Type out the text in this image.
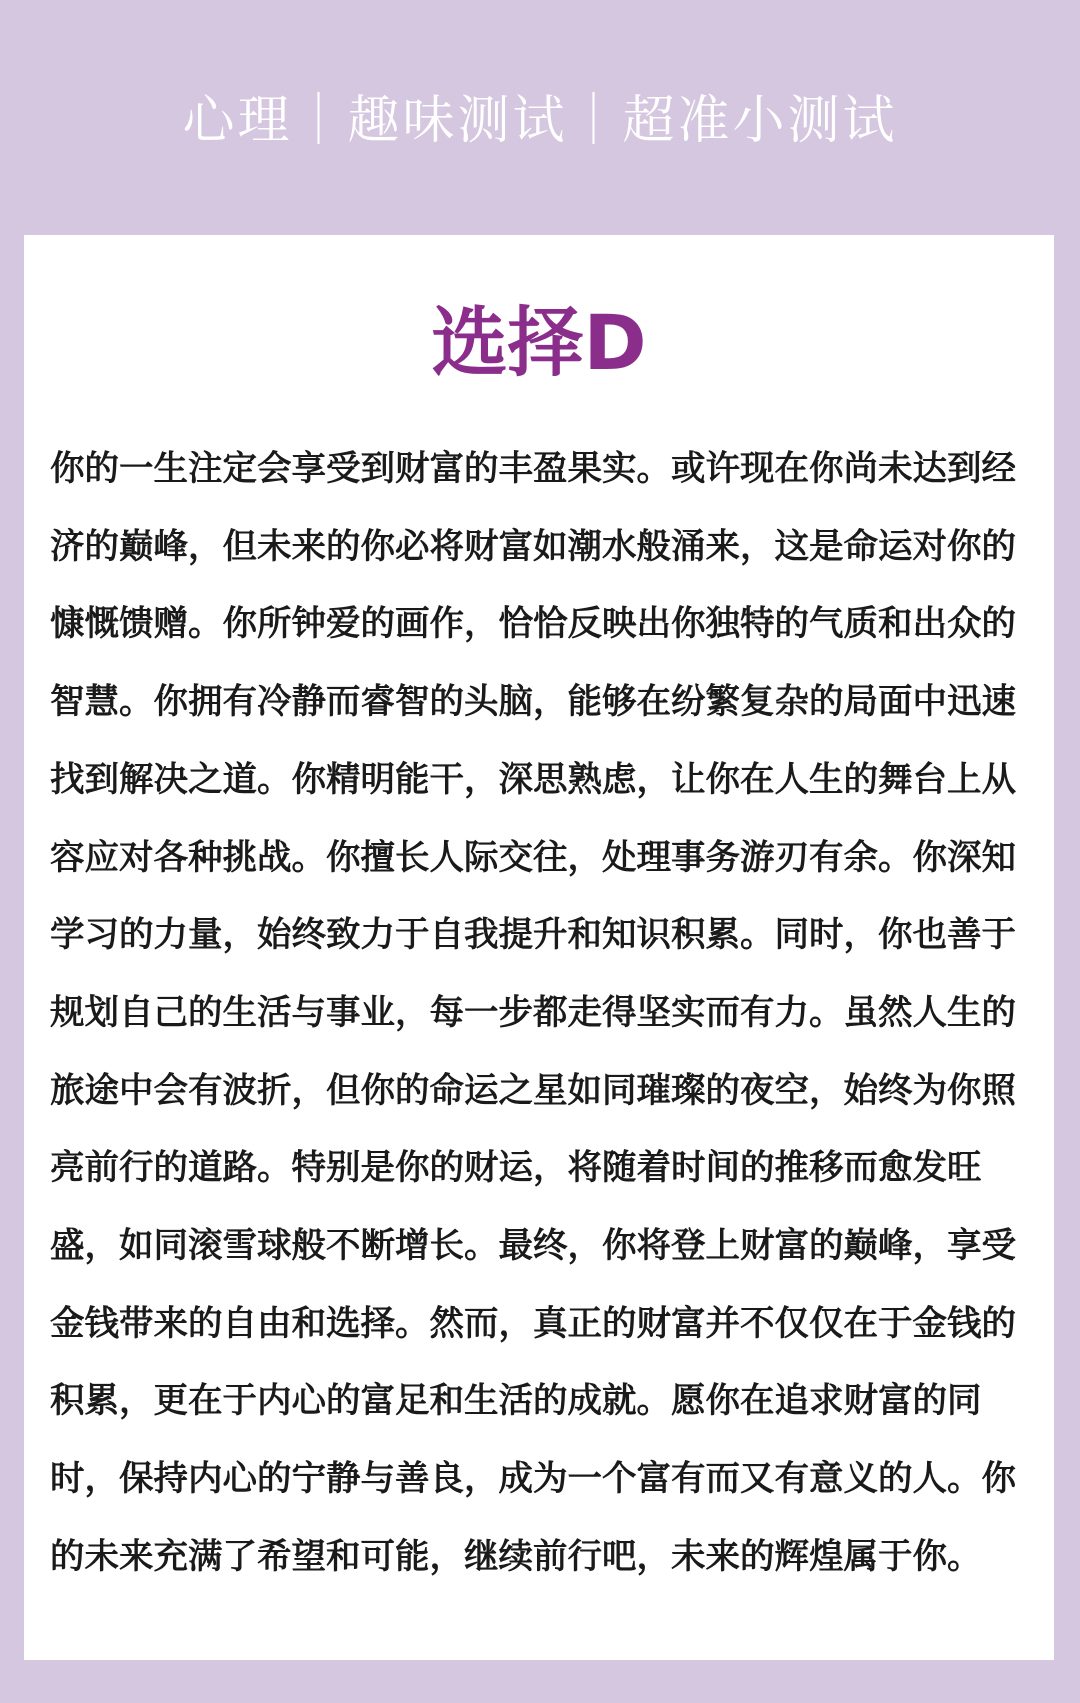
心理｜趣味测试｜超准小测试
选择D
你的一生注定会享受到财富的丰盈果实。或许现在你尚未达到经济的巅峰，但未来的你必将财富如潮水般涌来，这是命运对你的慷慨馈赠。你所钟爱的画作，恰恰反映出你独特的气质和出众的智慧。你拥有冷静而睿智的头脑，能够在纷繁复杂的局面中迅速找到解决之道。你精明能干，深思熟虑，让你在人生的舞台上从容应对各种挑战。你擅长人际交往，处理事务游刃有余。你深知学习的力量，始终致力于自我提升和知识积累。同时，你也善于规划自己的生活与事业，每一步都走得坚实而有力。虽然人生的旅途中会有波折，但你的命运之星如同璀璨的夜空，始终为你照亮前行的道路。特别是你的财运，将随着时间的推移而愈发旺盛，如同滚雪球般不断增长。最终，你将登上财富的巅峰，享受金钱带来的自由和选择。然而，真正的财富并不仅仅在于金钱的积累，更在于内心的富足和生活的成就。愿你在追求财富的同时，保持内心的宁静与善良，成为一个富有而又有意义的人。你的未来充满了希望和可能，继续前行吧，未来的辉煌属于你。
